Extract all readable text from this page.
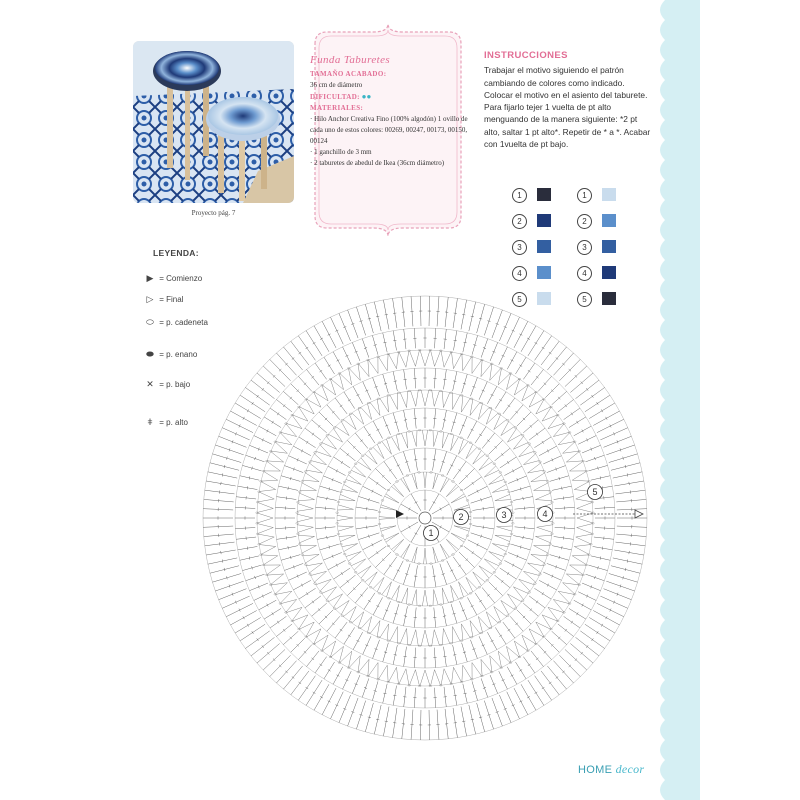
Proyecto pág. 7
Funda Taburetes
TAMAÑO ACABADO:
36 cm de diámetro
DIFICULTAD: ●●
MATERIALES:
· Hilo Anchor Creativa Fino (100% algodón) 1 ovillo de cada uno de estos colores: 00269, 00247, 00173, 00150, 00124
· 1 ganchillo de 3 mm
· 2 taburetes de abedul de Ikea (36cm diámetro)
INSTRUCCIONES
Trabajar el motivo siguiendo el patrón cambiando de colores como indicado. Colocar el motivo en el asiento del taburete. Para fijarlo tejer 1 vuelta de pt alto menguando de la manera siguiente: *2 pt alto, saltar 1 pt alto*. Repetir de * a *. Acabar con 1vuelta de pt bajo.
1	1
2	2
3	3
4	4
5	5
LEYENDA:
▶
= Comienzo
▷
= Final
⬭
= p. cadeneta
⬬
= p. enano
✕
= p. bajo
ǂ
= p. alto
1
2	3	4
5
HOME decor
